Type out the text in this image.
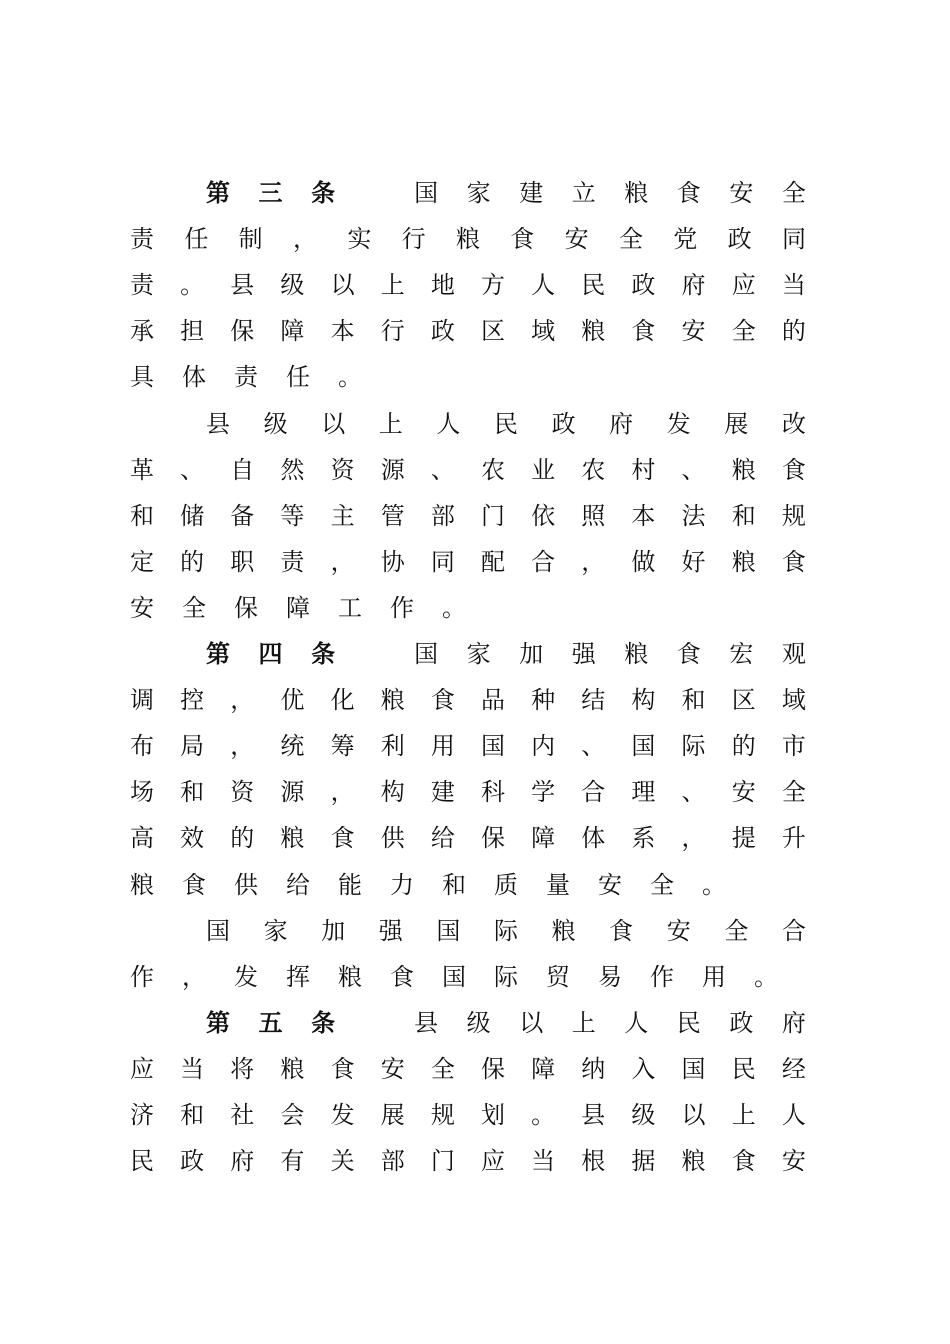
第 三 条	国 家 建 立 粮 食 安 全
责 任 制 ， 实 行 粮 食 安 全 党 政 同
责 。 县 级 以 上 地 方 人 民 政 府 应 当
承 担 保 障 本 行 政 区 域 粮 食 安 全 的
具 体 责 任 。
县 级 以 上 人 民 政 府 发 展 改
革 、 自 然 资 源 、 农 业 农 村 、 粮 食
和 储 备 等 主 管 部 门 依 照 本 法 和 规
定 的 职 责 ， 协 同 配 合 ， 做 好 粮 食
安 全 保 障 工 作 。
第 四 条	国 家 加 强 粮 食 宏 观
调 控 ， 优 化 粮 食 品 种 结 构 和 区 域
布 局 ， 统 筹 利 用 国 内 、 国 际 的 市
场 和 资 源 ， 构 建 科 学 合 理 、 安 全
高 效 的 粮 食 供 给 保 障 体 系 ， 提 升
粮 食 供 给 能 力 和 质 量 安 全 。
国 家 加 强 国 际 粮 食 安 全 合
作 ， 发 挥 粮 食 国 际 贸 易 作 用 。
第 五 条	县 级 以 上 人 民 政 府
应 当 将 粮 食 安 全 保 障 纳 入 国 民 经
济 和 社 会 发 展 规 划 。 县 级 以 上 人
民 政 府 有 关 部 门 应 当 根 据 粮 食 安
